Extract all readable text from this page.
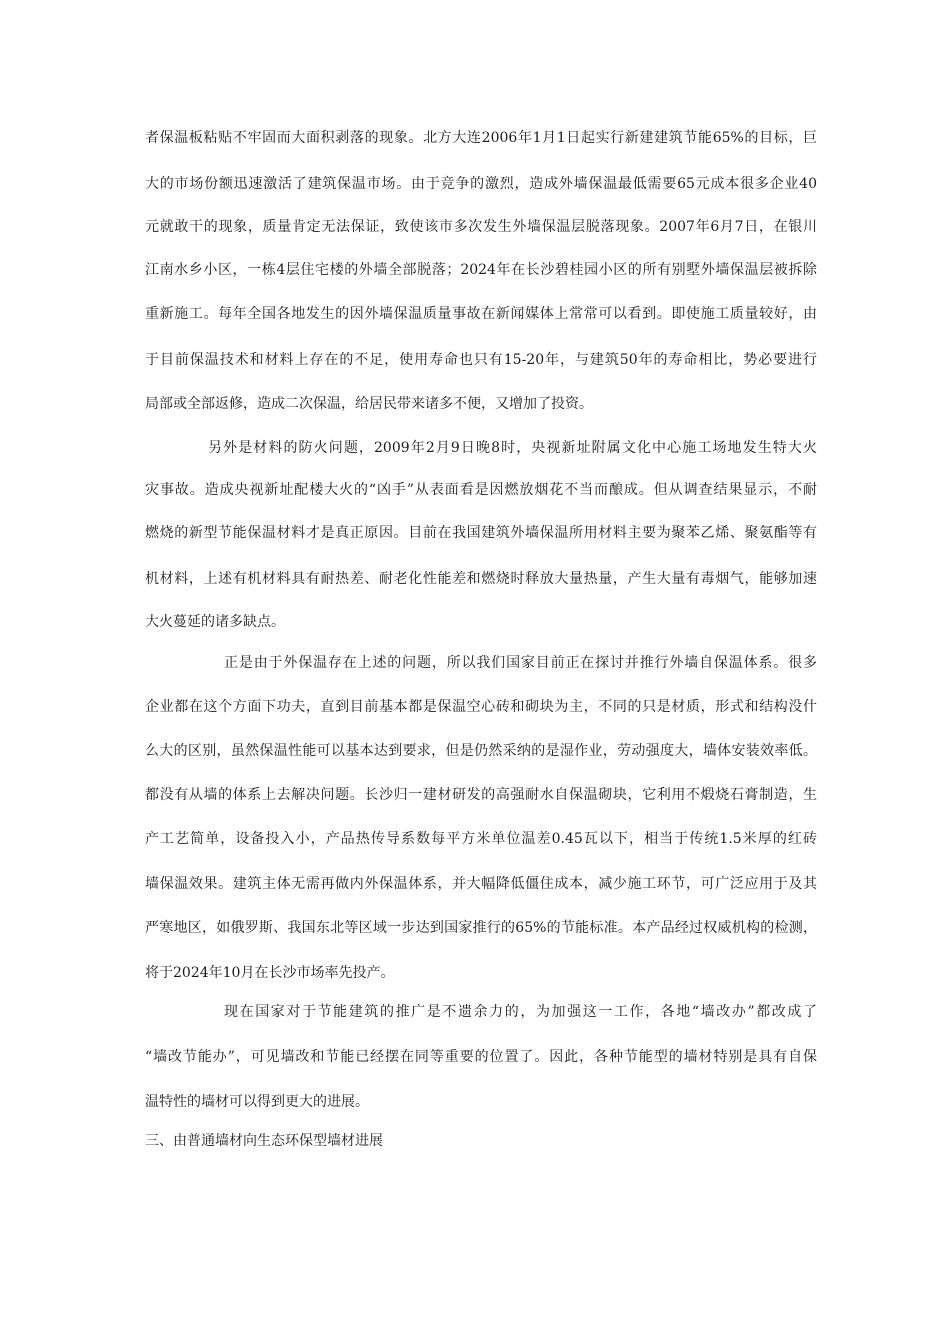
者保温板粘贴不牢固而大面积剥落的现象。北方大连2006年1月1日起实行新建建筑节能65%的目标，巨
大的市场份额迅速激活了建筑保温市场。由于竞争的激烈，造成外墙保温最低需要65元成本很多企业40
元就敢干的现象，质量肯定无法保证，致使该市多次发生外墙保温层脱落现象。2007年6月7日，在银川
江南水乡小区，一栋4层住宅楼的外墙全部脱落；2024年在长沙碧桂园小区的所有别墅外墙保温层被拆除
重新施工。每年全国各地发生的因外墙保温质量事故在新闻媒体上常常可以看到。即使施工质量较好，由
于目前保温技术和材料上存在的不足，使用寿命也只有15-20年，与建筑50年的寿命相比，势必要进行
局部或全部返修，造成二次保温，给居民带来诸多不便，又增加了投资。
另外是材料的防火问题，2009年2月9日晚8时，央视新址附属文化中心施工场地发生特大火
灾事故。造成央视新址配楼大火的“凶手”从表面看是因燃放烟花不当而酿成。但从调查结果显示，不耐
燃烧的新型节能保温材料才是真正原因。目前在我国建筑外墙保温所用材料主要为聚苯乙烯、聚氨酯等有
机材料，上述有机材料具有耐热差、耐老化性能差和燃烧时释放大量热量，产生大量有毒烟气，能够加速
大火蔓延的诸多缺点。
正是由于外保温存在上述的问题，所以我们国家目前正在探讨并推行外墙自保温体系。很多
企业都在这个方面下功夫，直到目前基本都是保温空心砖和砌块为主，不同的只是材质，形式和结构没什
么大的区别，虽然保温性能可以基本达到要求，但是仍然采纳的是湿作业，劳动强度大，墙体安装效率低。
都没有从墙的体系上去解决问题。长沙归一建材研发的高强耐水自保温砌块，它利用不煅烧石膏制造，生
产工艺简单，设备投入小，产品热传导系数每平方米单位温差0.45瓦以下，相当于传统1.5米厚的红砖
墙保温效果。建筑主体无需再做内外保温体系，并大幅降低僵住成本，减少施工环节，可广泛应用于及其
严寒地区，如俄罗斯、我国东北等区域一步达到国家推行的65%的节能标准。本产品经过权威机构的检测，
将于2024年10月在长沙市场率先投产。
现在国家对于节能建筑的推广是不遗余力的，为加强这一工作，各地“墙改办”都改成了
“墙改节能办”，可见墙改和节能已经摆在同等重要的位置了。因此，各种节能型的墙材特别是具有自保
温特性的墙材可以得到更大的进展。
三、由普通墙材向生态环保型墙材进展
